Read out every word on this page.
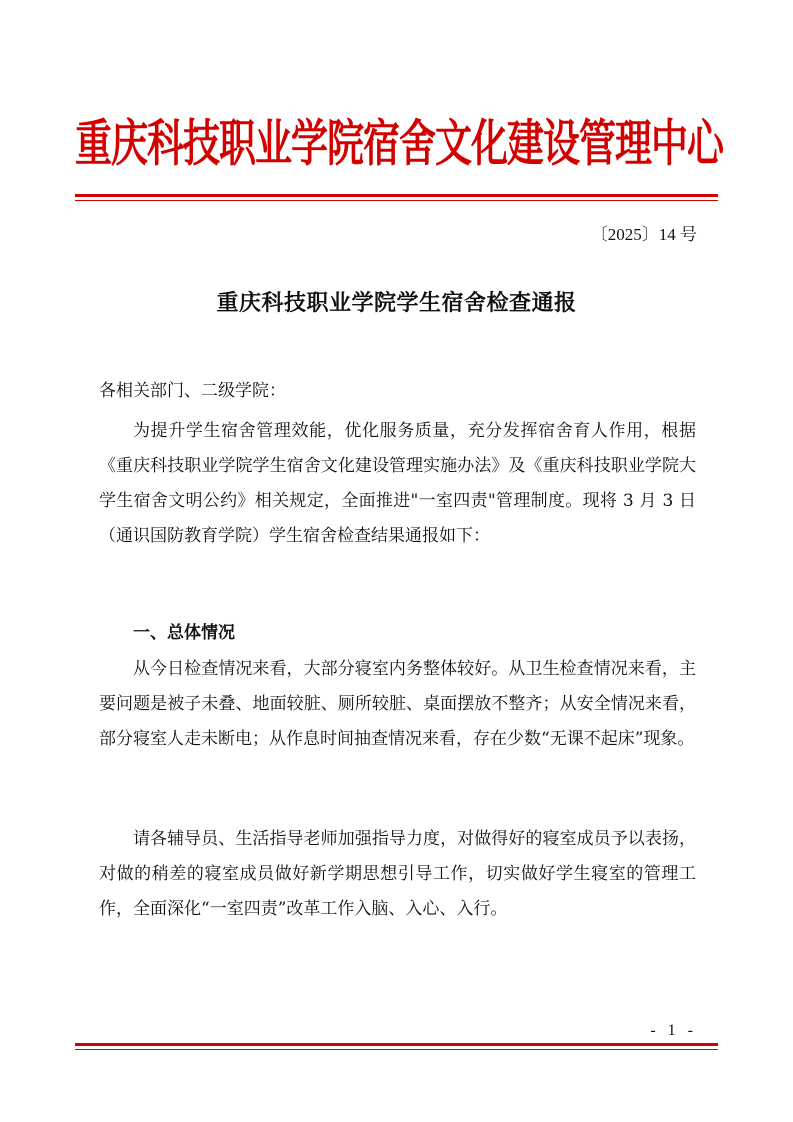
重庆科技职业学院宿舍文化建设管理中心
〔2025〕14 号
重庆科技职业学院学生宿舍检查通报
各相关部门、二级学院：

为提升学生宿舍管理效能，优化服务质量，充分发挥宿舍育人作用，根据《重庆科技职业学院学生宿舍文化建设管理实施办法》及《重庆科技职业学院大学生宿舍文明公约》相关规定，全面推进"一室四责"管理制度。现将 3 月 3 日（通识国防教育学院）学生宿舍检查结果通报如下：

一、总体情况

从今日检查情况来看，大部分寝室内务整体较好。从卫生检查情况来看，主要问题是被子未叠、地面较脏、厕所较脏、桌面摆放不整齐；从安全情况来看，部分寝室人走未断电；从作息时间抽查情况来看，存在少数“无课不起床”现象。

请各辅导员、生活指导老师加强指导力度，对做得好的寝室成员予以表扬，对做的稍差的寝室成员做好新学期思想引导工作，切实做好学生寝室的管理工作，全面深化“一室四责”改革工作入脑、入心、入行。

- 1 -
